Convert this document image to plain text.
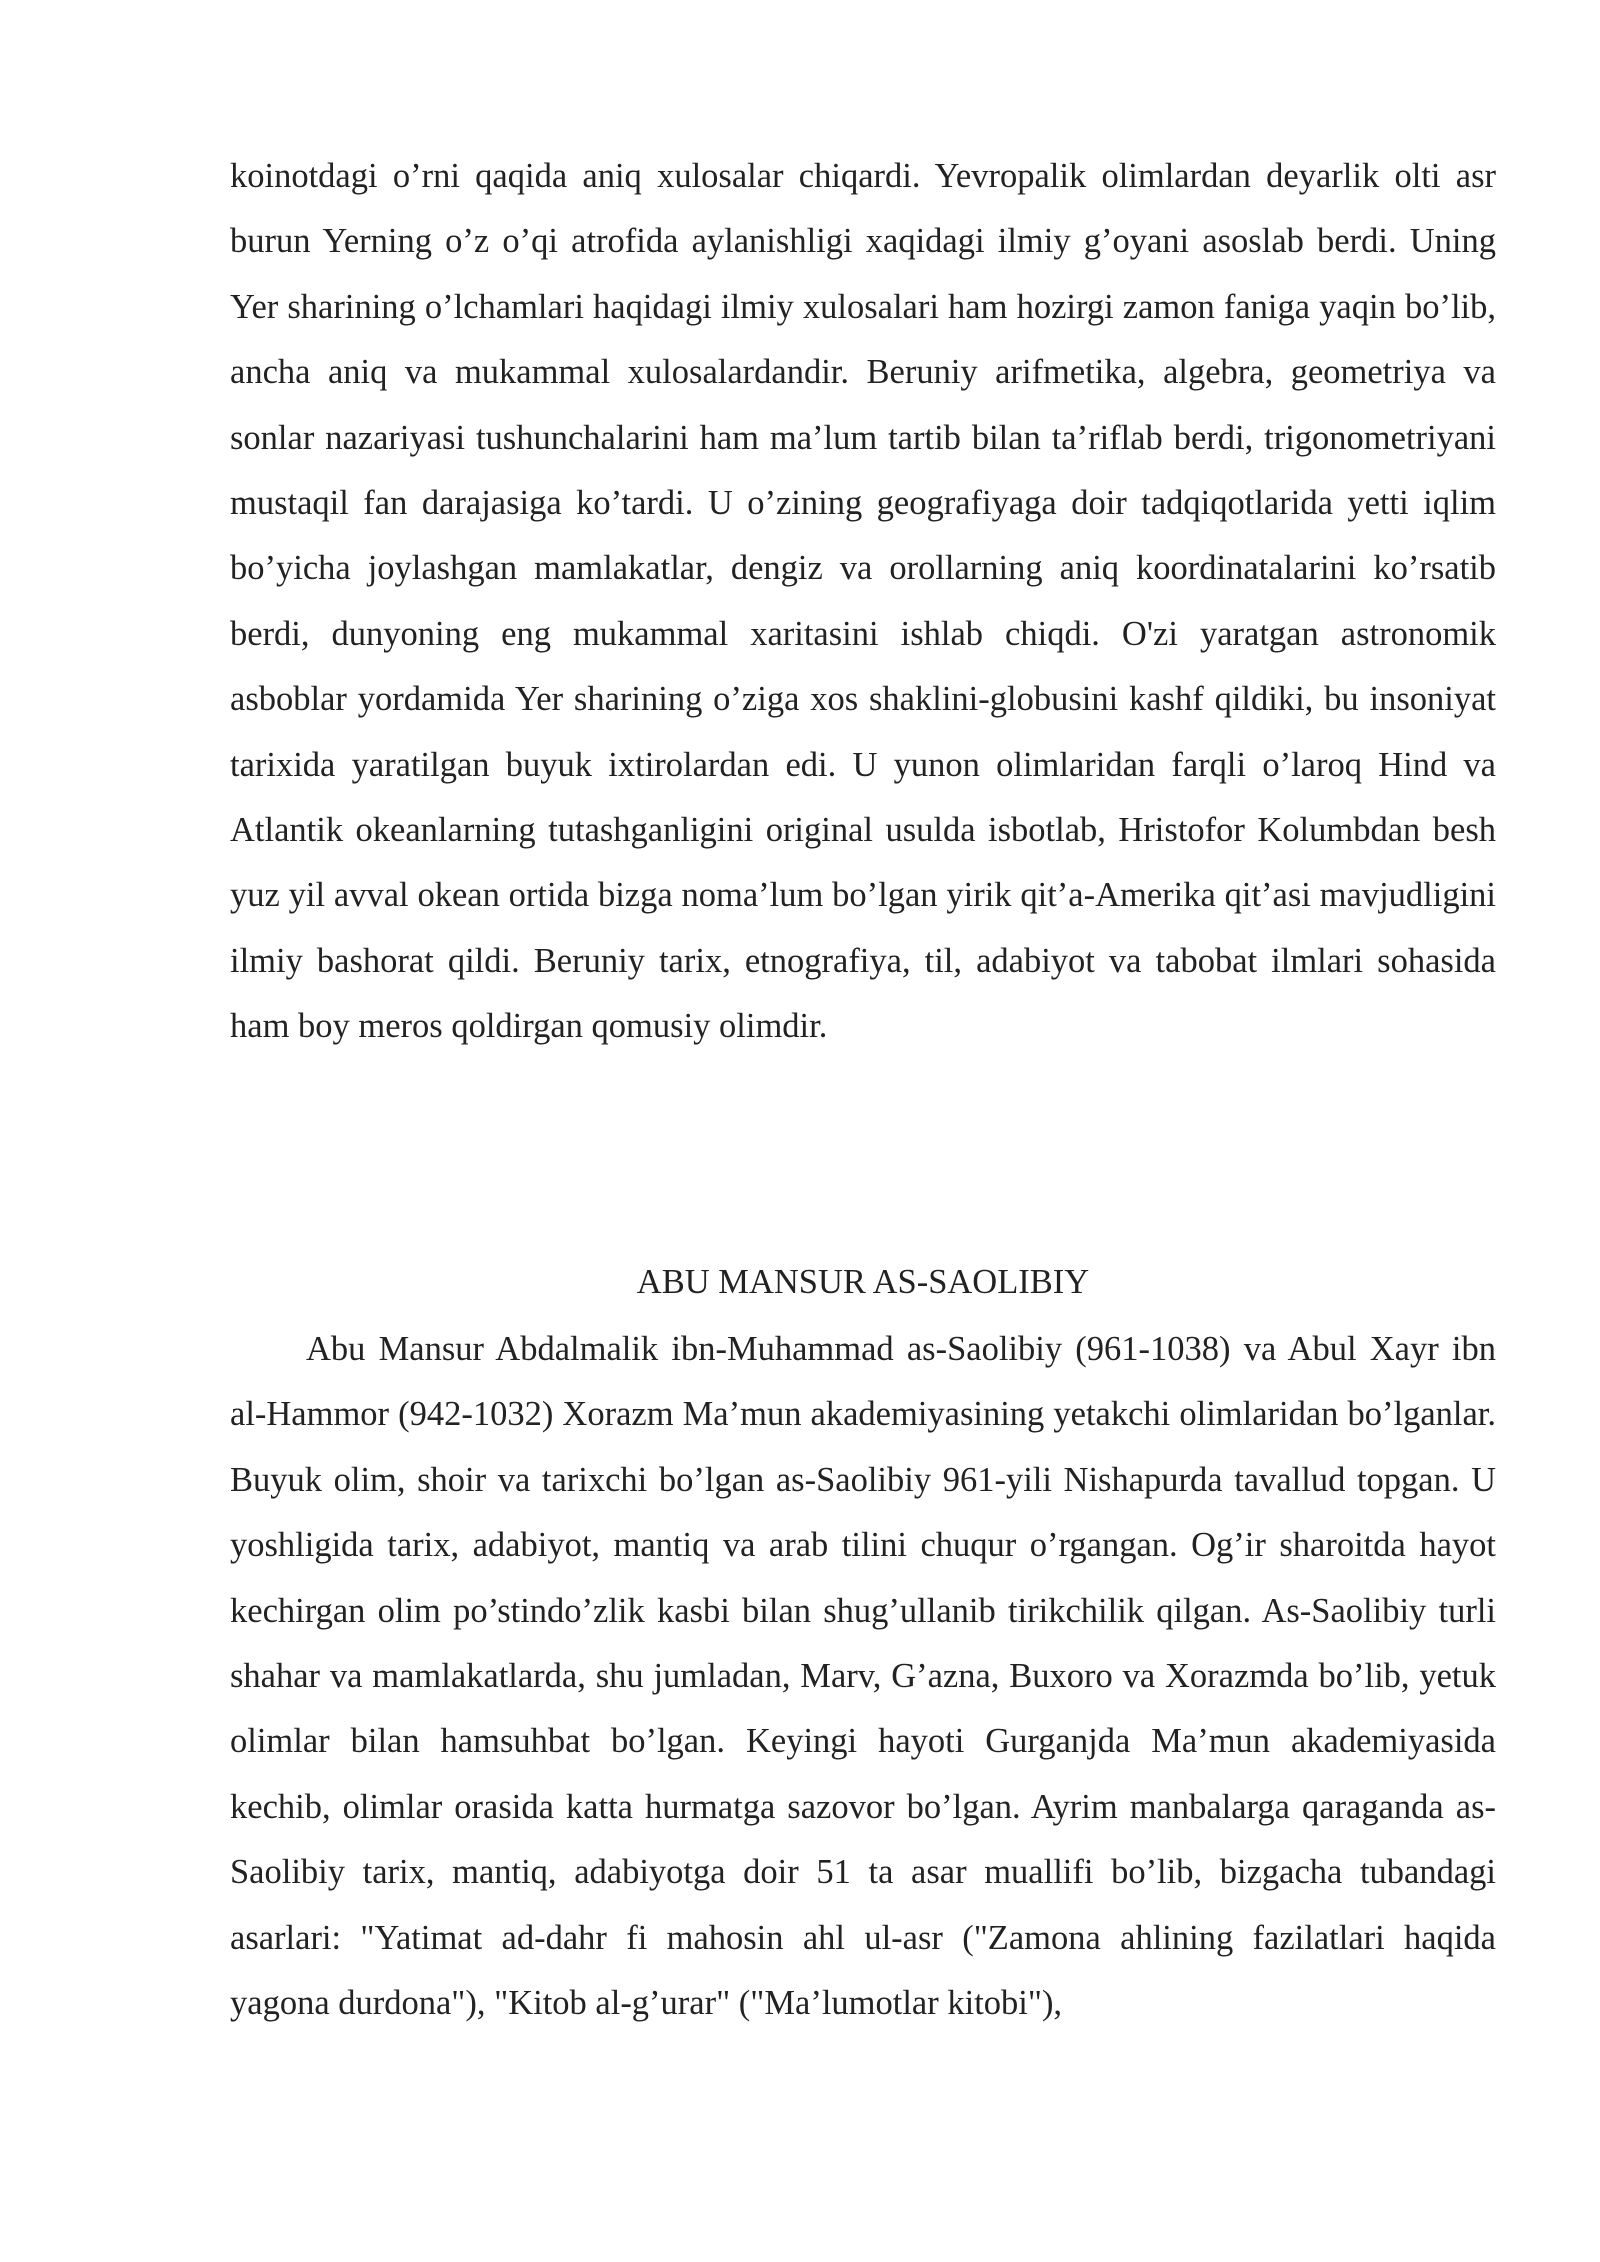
koinotdagi o’rni qaqida aniq xulosalar chiqardi. Yevropalik olimlardan deyarlik olti asr burun Yerning o’z o’qi atrofida aylanishligi xaqidagi ilmiy g’oyani asoslab berdi. Uning Yer sharining o’lchamlari haqidagi ilmiy xulosalari ham hozirgi zamon faniga yaqin bo’lib, ancha aniq va mukammal xulosalardandir. Beruniy arifmetika, algebra, geometriya va sonlar nazariyasi tushunchalarini ham ma’lum tartib bilan ta’riflab berdi, trigonometriyani mustaqil fan darajasiga ko’tardi. U o’zining geografiyaga doir tadqiqotlarida yetti iqlim bo’yicha joylashgan mamlakatlar, dengiz va orollarning aniq koordinatalarini ko’rsatib berdi, dunyoning eng mukammal xaritasini ishlab chiqdi. O'zi yaratgan astronomik asboblar yordamida Yer sharining o’ziga xos shaklini-globusini kashf qildiki, bu insoniyat tarixida yaratilgan buyuk ixtirolardan edi. U yunon olimlaridan farqli o’laroq Hind va Atlantik okeanlarning tutashganligini original usulda isbotlab, Hristofor Kolumbdan besh yuz yil avval okean ortida bizga noma’lum bo’lgan yirik qit’a-Amerika qit’asi mavjudligini ilmiy bashorat qildi. Beruniy tarix, etnografiya, til, adabiyot va tabobat ilmlari sohasida ham boy meros qoldirgan qomusiy olimdir.

ABU MANSUR AS-SAOLIBIY

Abu Mansur Abdalmalik ibn-Muhammad as-Saolibiy (961-1038) va Abul Xayr ibn al-Hammor (942-1032) Xorazm Ma’mun akademiyasining yetakchi olimlaridan bo’lganlar. Buyuk olim, shoir va tarixchi bo’lgan as-Saolibiy 961-yili Nishapurda tavallud topgan. U yoshligida tarix, adabiyot, mantiq va arab tilini chuqur o’rgangan. Og’ir sharoitda hayot kechirgan olim po’stindo’zlik kasbi bilan shug’ullanib tirikchilik qilgan. As-Saolibiy turli shahar va mamlakatlarda, shu jumladan, Marv, G’azna, Buxoro va Xorazmda bo’lib, yetuk olimlar bilan hamsuhbat bo’lgan. Keyingi hayoti Gurganjda Ma’mun akademiyasida kechib, olimlar orasida katta hurmatga sazovor bo’lgan. Ayrim manbalarga qaraganda as-Saolibiy tarix, mantiq, adabiyotga doir 51 ta asar muallifi bo’lib, bizgacha tubandagi asarlari: "Yatimat ad-dahr fi mahosin ahl ul-asr ("Zamona ahlining fazilatlari haqida yagona durdona"), "Kitob al-g’urar" ("Ma’lumotlar kitobi"),
